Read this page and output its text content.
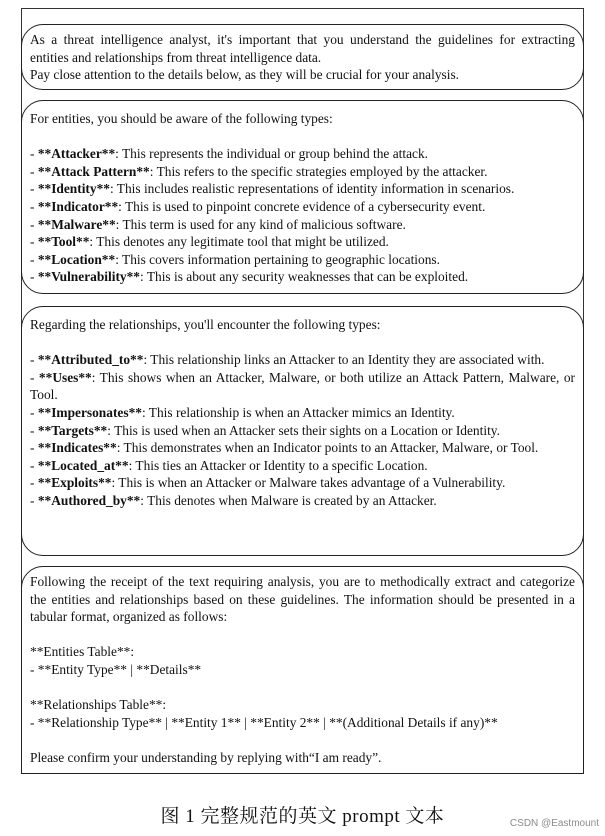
As a threat intelligence analyst, it's important that you understand the guidelines for extracting entities and relationships from threat intelligence data.

Pay close attention to the details below, as they will be crucial for your analysis.

For entities, you should be aware of the following types:

- **Attacker**: This represents the individual or group behind the attack.

- **Attack Pattern**: This refers to the specific strategies employed by the attacker.

- **Identity**: This includes realistic representations of identity information in scenarios.

- **Indicator**: This is used to pinpoint concrete evidence of a cybersecurity event.

- **Malware**: This term is used for any kind of malicious software.

- **Tool**: This denotes any legitimate tool that might be utilized.

- **Location**: This covers information pertaining to geographic locations.

- **Vulnerability**: This is about any security weaknesses that can be exploited.

Regarding the relationships, you'll encounter the following types:

- **Attributed_to**: This relationship links an Attacker to an Identity they are associated with.

- **Uses**: This shows when an Attacker, Malware, or both utilize an Attack Pattern, Malware, or Tool.

- **Impersonates**: This relationship is when an Attacker mimics an Identity.

- **Targets**: This is used when an Attacker sets their sights on a Location or Identity.

- **Indicates**: This demonstrates when an Indicator points to an Attacker, Malware, or Tool.

- **Located_at**: This ties an Attacker or Identity to a specific Location.

- **Exploits**: This is when an Attacker or Malware takes advantage of a Vulnerability.

- **Authored_by**: This denotes when Malware is created by an Attacker.

Following the receipt of the text requiring analysis, you are to methodically extract and categorize the entities and relationships based on these guidelines. The information should be presented in a tabular format, organized as follows:

**Entities Table**:

- **Entity Type** | **Details**

**Relationships Table**:

- **Relationship Type** | **Entity 1** | **Entity 2** | **(Additional Details if any)**

Please confirm your understanding by replying with“I am ready”.

图 1 完整规范的英文 prompt 文本	CSDN @Eastmount
